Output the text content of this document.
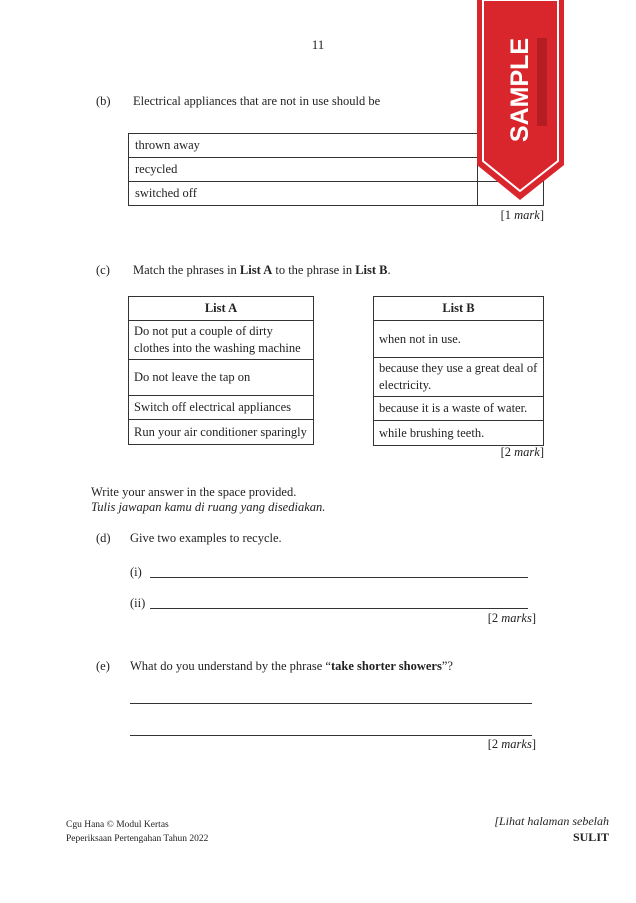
11
(b) Electrical appliances that are not in use should be
thrown away	
recycled	
switched off	
[1 mark]
(c) Match the phrases in List A to the phrase in List B.
List A
Do not put a couple of dirty clothes into the washing machine
Do not leave the tap on
Switch off electrical appliances
Run your air conditioner sparingly
List B
when not in use.
because they use a great deal of electricity.
because it is a waste of water.
while brushing teeth.
[2 mark]
Write your answer in the space provided.
Tulis jawapan kamu di ruang yang disediakan.
(d) Give two examples to recycle.
(i)
(ii)
[2 marks]
(e) What do you understand by the phrase “take shorter showers”?
[2 marks]
Cgu Hana © Modul Kertas
Peperiksaan Pertengahan Tahun 2022
[Lihat halaman sebelah
SULIT
SAMPLE
